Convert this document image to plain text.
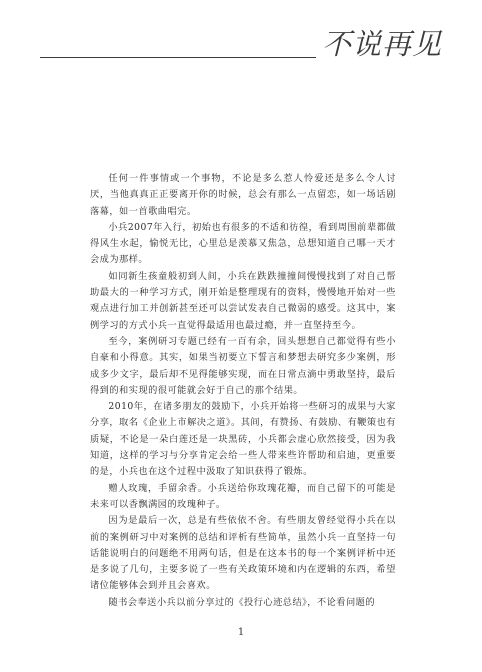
不说再见

任何一件事情或一个事物，不论是多么惹人怜爱还是多么令人讨厌，当他真真正正要离开你的时候，总会有那么一点留恋，如一场话剧落幕，如一首歌曲唱完。

小兵2007年入行，初始也有很多的不适和彷徨，看到周围前辈都做得风生水起，愉悦无比，心里总是羡慕又焦急，总想知道自己哪一天才会成为那样。

如同新生孩童般初到人间，小兵在跌跌撞撞间慢慢找到了对自己帮助最大的一种学习方式，刚开始是整理现有的资料，慢慢地开始对一些观点进行加工并创新甚至还可以尝试发表自己微弱的感受。这其中，案例学习的方式小兵一直觉得最适用也最过瘾，并一直坚持至今。

至今，案例研习专题已经有一百有余，回头想想自己都觉得有些小自豪和小得意。其实，如果当初要立下誓言和梦想去研究多少案例，形成多少文字，最后却不见得能够实现，而在日常点滴中勇敢坚持，最后得到的和实现的很可能就会好于自己的那个结果。

2010年，在诸多朋友的鼓励下，小兵开始将一些研习的成果与大家分享，取名《企业上市解决之道》。其间，有赞扬、有鼓励、有鞭策也有质疑，不论是一朵白莲还是一块黑砖，小兵都会虚心欣然接受，因为我知道，这样的学习与分享肯定会给一些人带来些许帮助和启迪，更重要的是，小兵也在这个过程中汲取了知识获得了锻炼。

赠人玫瑰，手留余香。小兵送给你玫瑰花瓣，而自己留下的可能是未来可以香飘满园的玫瑰种子。

因为是最后一次，总是有些依依不舍。有些朋友曾经觉得小兵在以前的案例研习中对案例的总结和评析有些简单，虽然小兵一直坚持一句话能说明白的问题绝不用两句话，但是在这本书的每一个案例评析中还是多说了几句，主要多说了一些有关政策环境和内在逻辑的东西，希望诸位能够体会到并且会喜欢。

随书会奉送小兵以前分享过的《投行心迹总结》，不论看问题的

1
